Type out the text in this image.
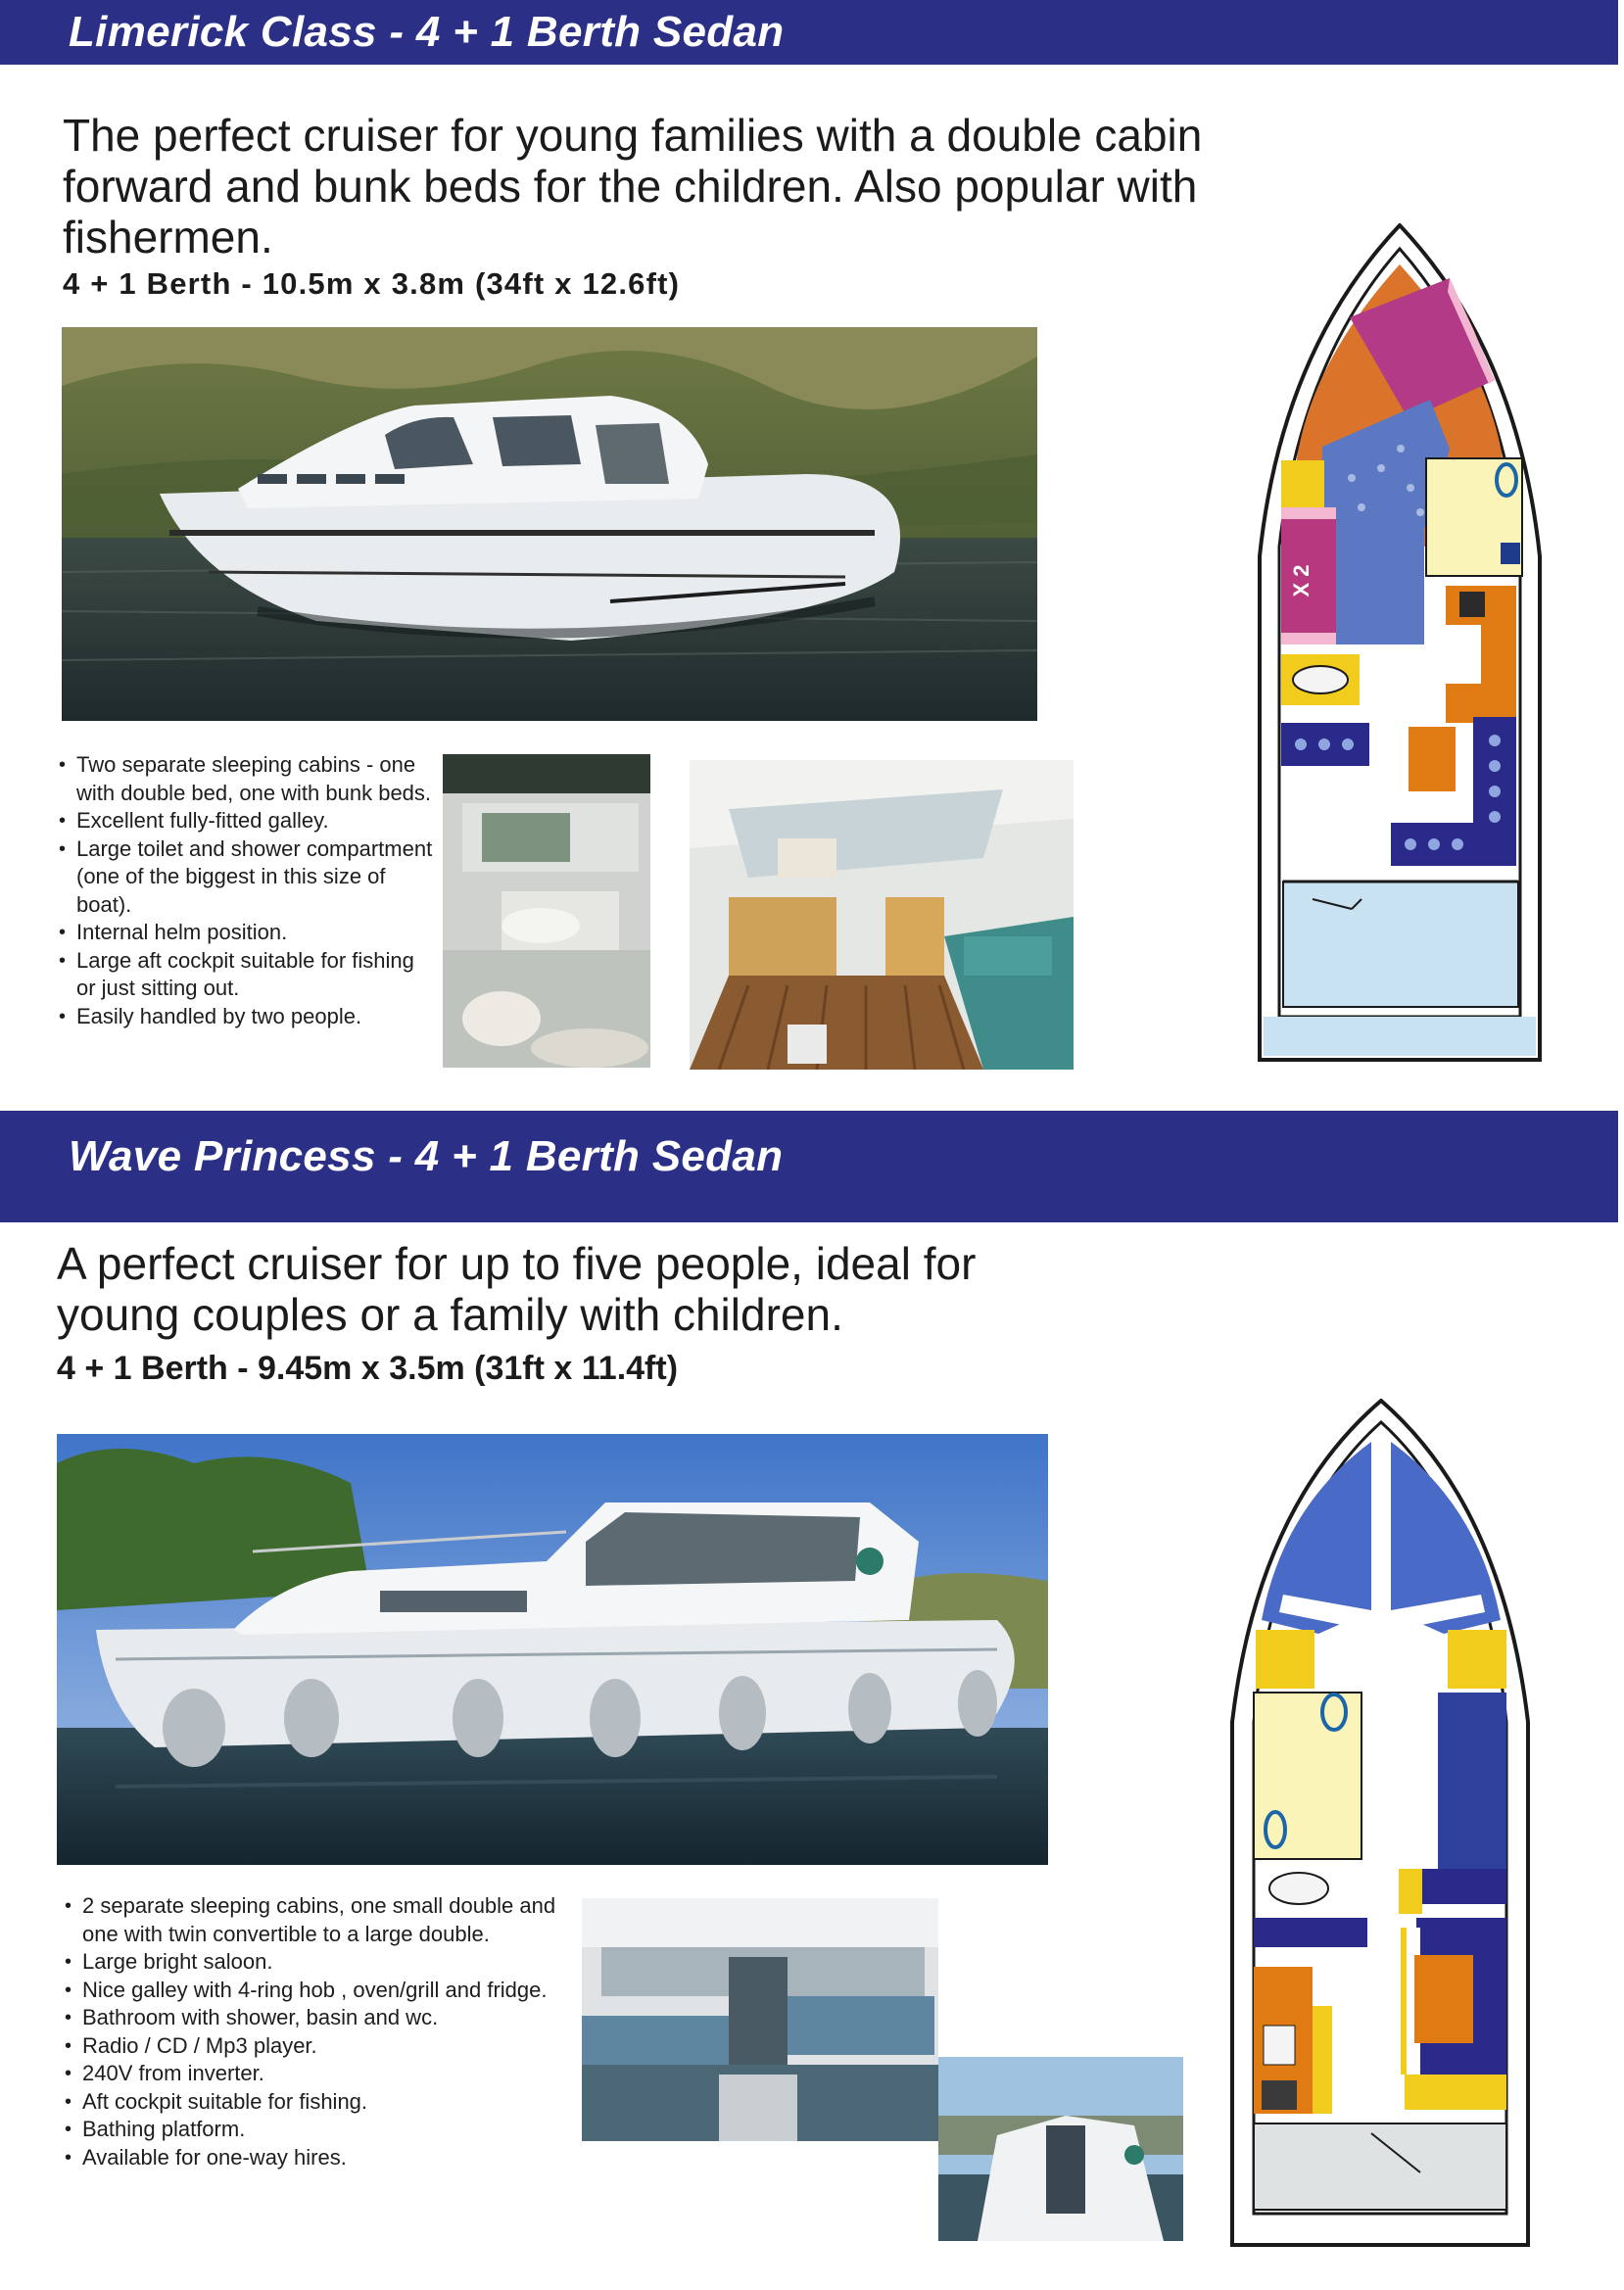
Limerick Class - 4 + 1 Berth Sedan

The perfect cruiser for young families with a double cabin forward and bunk beds for the children. Also popular with fishermen.

4 + 1 Berth - 10.5m x 3.8m (34ft x 12.6ft)

• Two separate sleeping cabins - one with double bed, one with bunk beds.
• Excellent fully-fitted galley.
• Large toilet and shower compartment (one of the biggest in this size of boat).
• Internal helm position.
• Large aft cockpit suitable for fishing or just sitting out.
• Easily handled by two people.
X 2
Wave Princess - 4 + 1 Berth Sedan

A perfect cruiser for up to five people, ideal for young couples or a family with children.

4 + 1 Berth - 9.45m x 3.5m (31ft x 11.4ft)

• 2 separate sleeping cabins, one small double and one with twin convertible to a large double.
• Large bright saloon.
• Nice galley with 4-ring hob , oven/grill and fridge.
• Bathroom with shower, basin and wc.
• Radio / CD / Mp3 player.
• 240V from inverter.
• Aft cockpit suitable for fishing.
• Bathing platform.
• Available for one-way hires.
